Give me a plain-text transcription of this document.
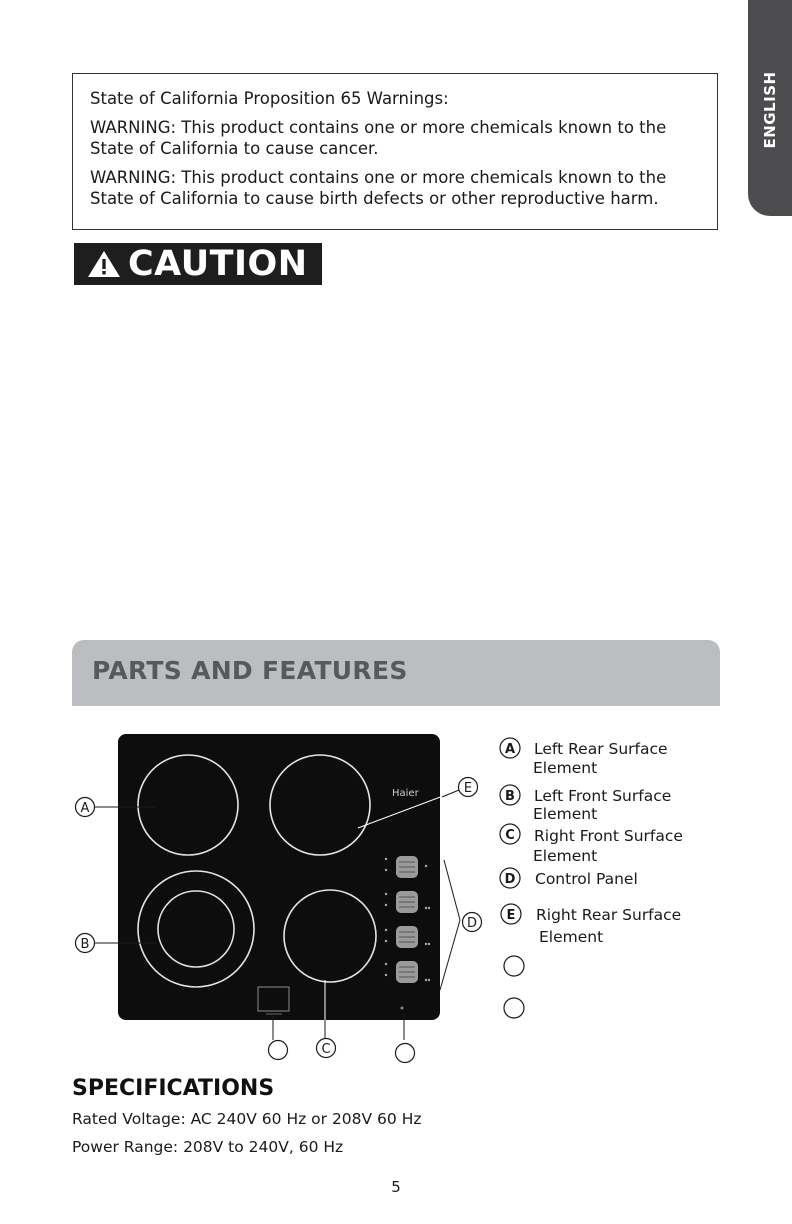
ENGLISH

State of California Proposition 65 Warnings:

WARNING: This product contains one or more chemicals known to the
State of California to cause cancer.

WARNING: This product contains one or more chemicals known to the
State of California to cause birth defects or other reproductive harm.

CAUTION
PARTS AND FEATURES
Haier
A
B
E
D
C
A Left Rear Surface
Element
B Left Front Surface
Element
C Right Front Surface
Element
D Control Panel
E Right Rear Surface
Element
SPECIFICATIONS
Rated Voltage: AC 240V 60 Hz or 208V 60 Hz
Power Range: 208V to 240V, 60 Hz
5
